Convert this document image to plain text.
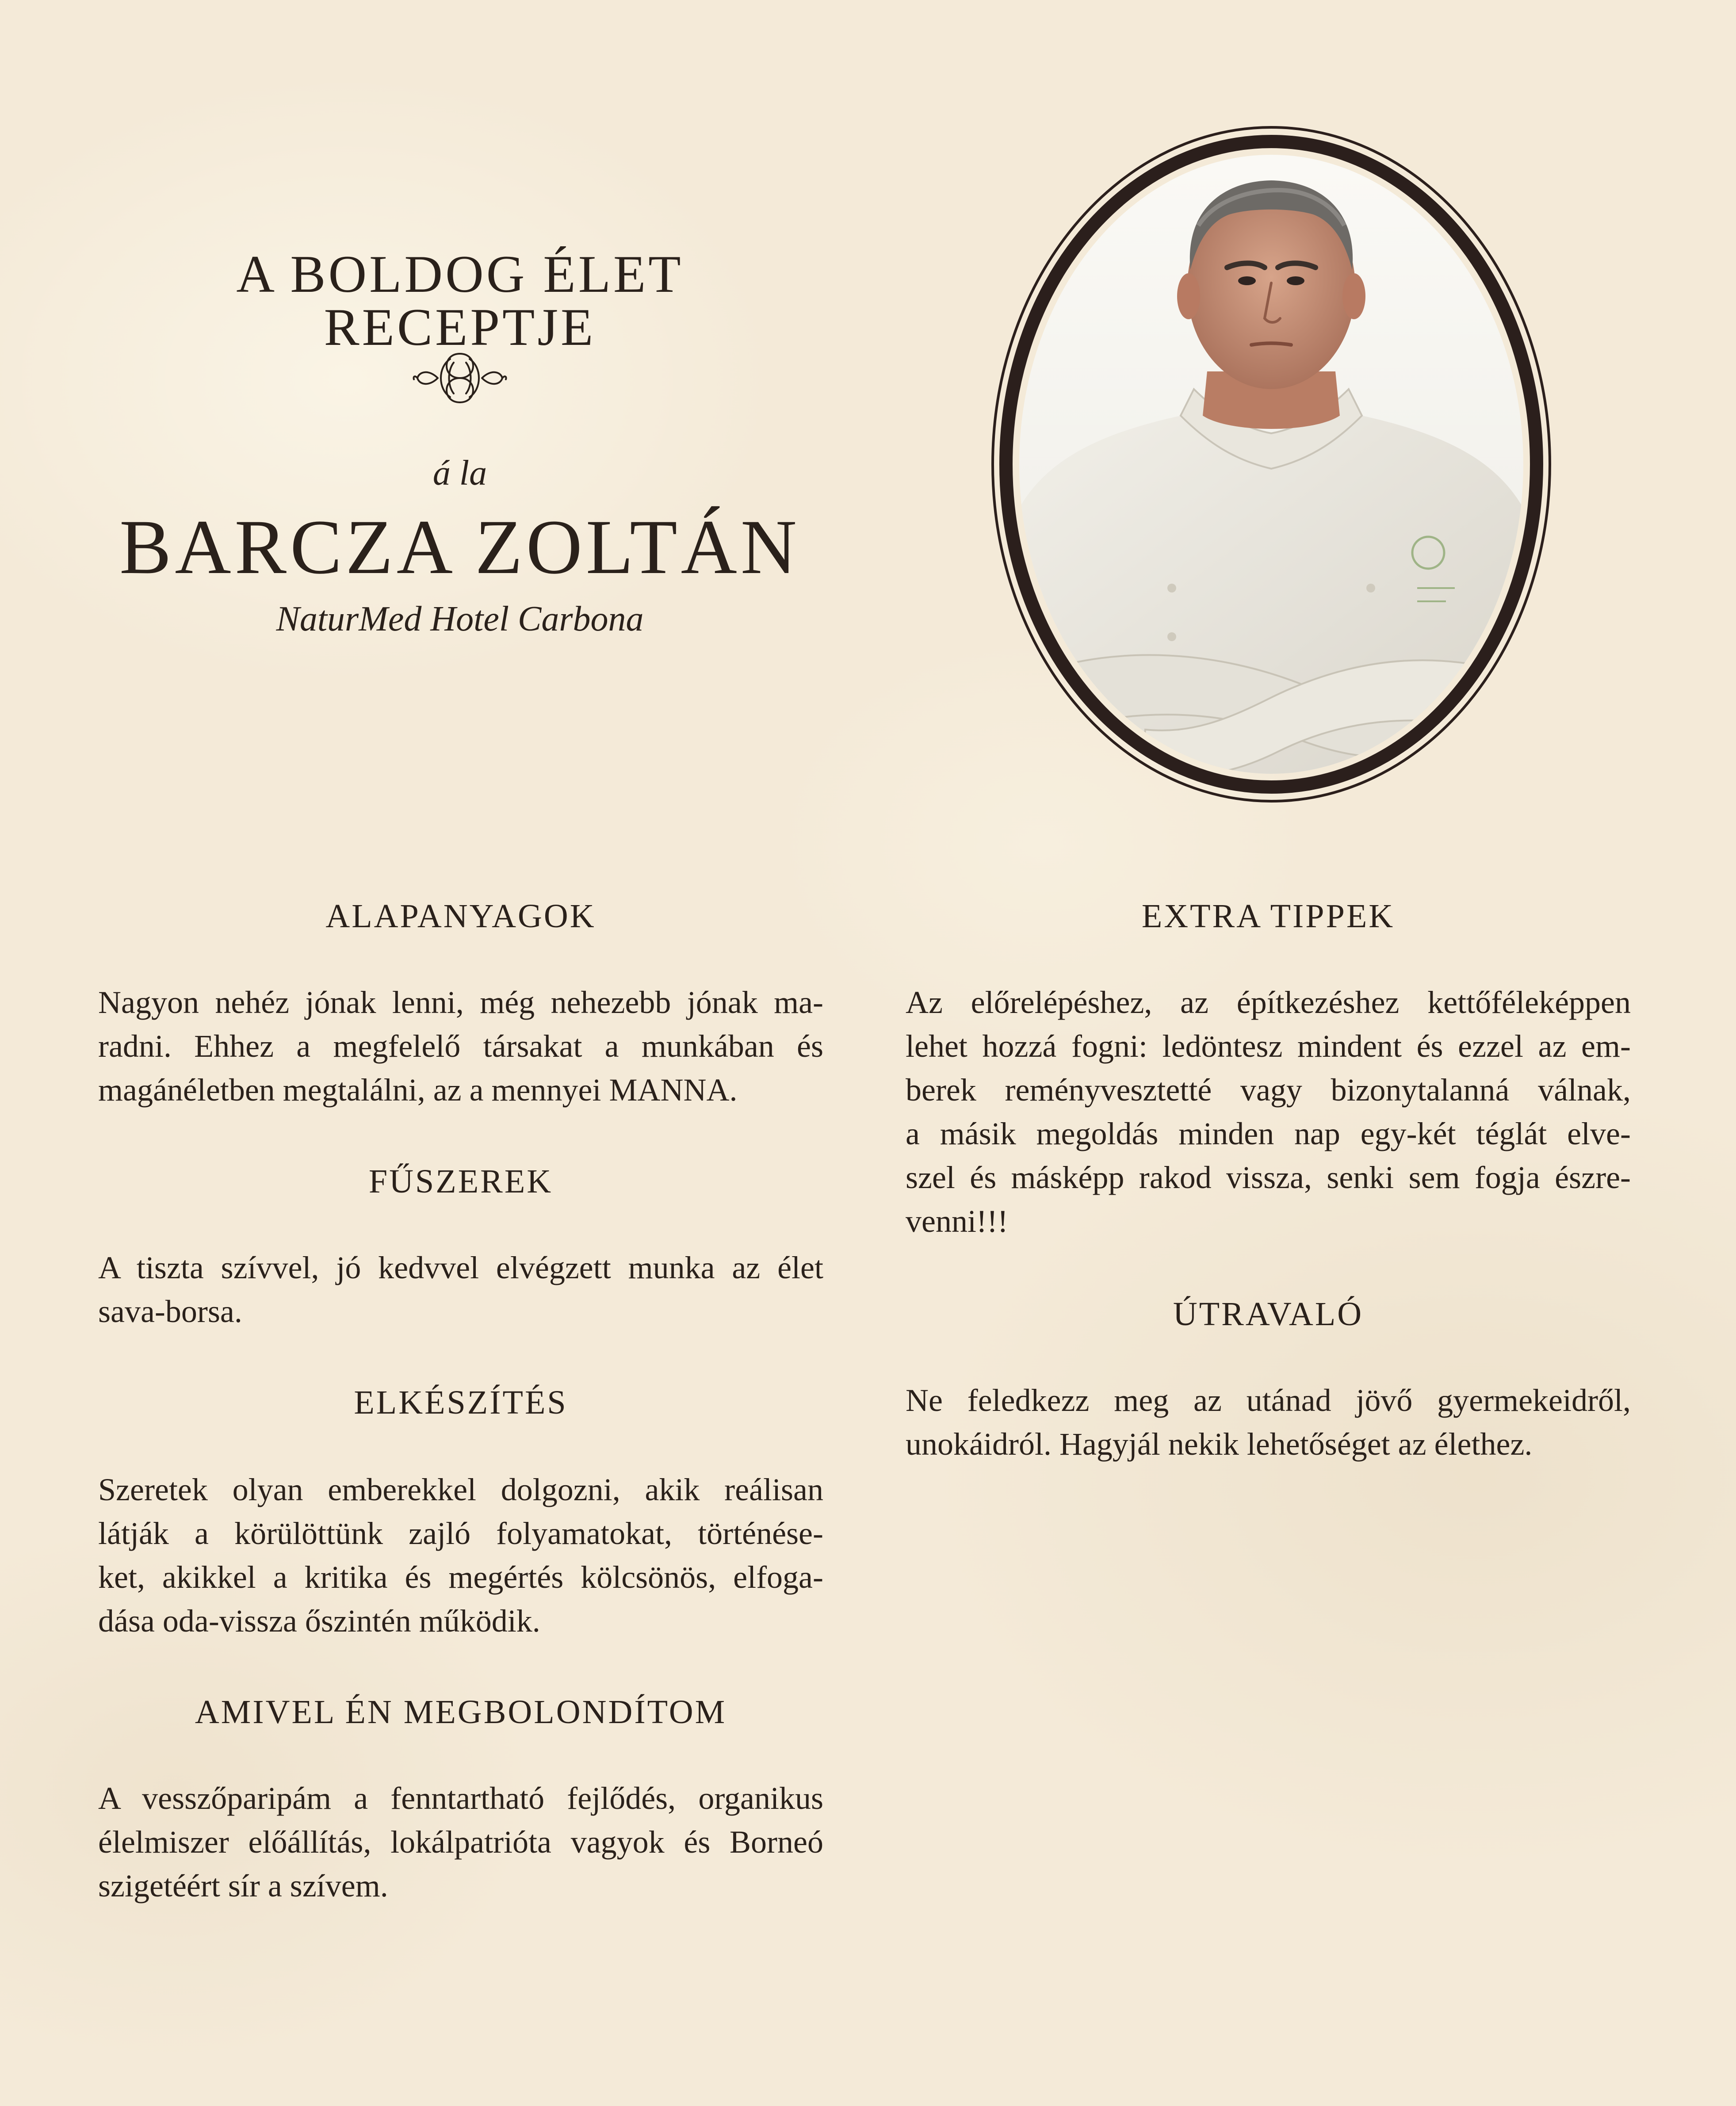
A BOLDOG ÉLET RECEPTJE
á la
BARCZA ZOLTÁN
NaturMed Hotel Carbona
ALAPANYAGOK

Nagyon nehéz jónak lenni, még nehezebb jónak ma-
radni. Ehhez a megfelelő társakat a munkában és
magánéletben megtalálni, az a mennyei MANNA.

FŰSZEREK

A tiszta szívvel, jó kedvvel elvégzett munka az élet
sava-borsa.

ELKÉSZÍTÉS

Szeretek olyan emberekkel dolgozni, akik reálisan
látják a körülöttünk zajló folyamatokat, történése-
ket, akikkel a kritika és megértés kölcsönös, elfoga-
dása oda-vissza őszintén működik.

AMIVEL ÉN MEGBOLONDÍTOM

A vesszőparipám a fenntartható fejlődés, organikus
élelmiszer előállítás, lokálpatrióta vagyok és Borneó
szigetéért sír a szívem.

EXTRA TIPPEK

Az előrelépéshez, az építkezéshez kettőféleképpen
lehet hozzá fogni: ledöntesz mindent és ezzel az em-
berek reményvesztetté vagy bizonytalanná válnak,
a másik megoldás minden nap egy-két téglát elve-
szel és másképp rakod vissza, senki sem fogja észre-
venni!!!

ÚTRAVALÓ

Ne feledkezz meg az utánad jövő gyermekeidről,
unokáidról. Hagyjál nekik lehetőséget az élethez.
